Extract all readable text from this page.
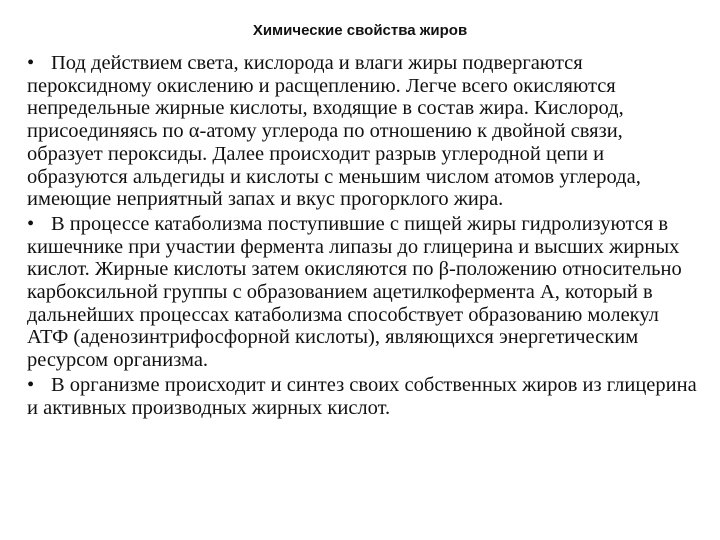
Химические свойства жиров

• Под действием света, кислорода и влаги жиры подвергаются пероксидному окислению и расщеплению. Легче всего окисляются непредельные жирные кислоты, входящие в состав жира. Кислород, присоединяясь по α-атому углерода по отношению к двойной связи, образует пероксиды. Далее происходит разрыв углеродной цепи и образуются альдегиды и кислоты с меньшим числом атомов углерода, имеющие неприятный запах и вкус прогорклого жира.

• В процессе катаболизма поступившие с пищей жиры гидролизуются в кишечнике при участии фермента липазы до глицерина и высших жирных кислот. Жирные кислоты затем окисляются по β-положению относительно карбоксильной группы с образованием ацетилкофермента А, который в дальнейших процессах катаболизма способствует образованию молекул АТФ (аденозинтрифосфорной кислоты), являющихся энергетическим ресурсом организма.

• В организме происходит и синтез своих собственных жиров из глицерина и активных производных жирных кислот.
